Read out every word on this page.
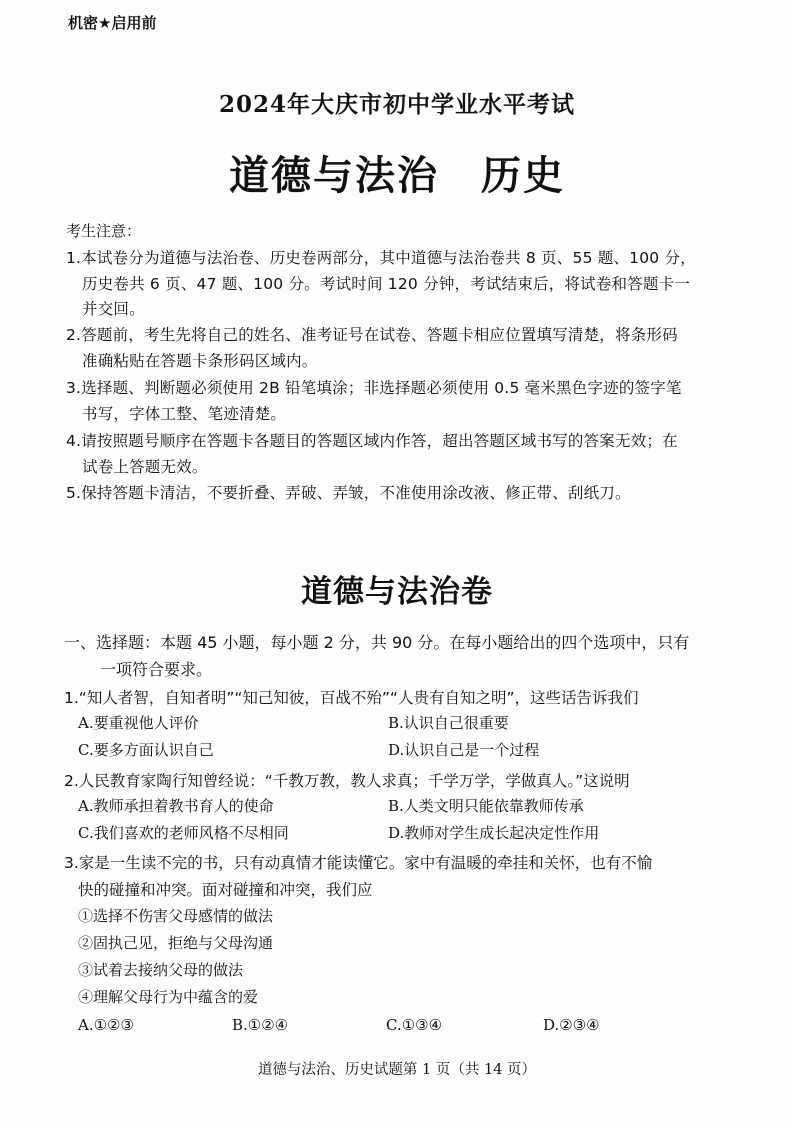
机密★启用前
2024年大庆市初中学业水平考试
道德与法治　历史
考生注意：
1.本试卷分为道德与法治卷、历史卷两部分，其中道德与法治卷共 8 页、55 题、100 分，
历史卷共 6 页、47 题、100 分。考试时间 120 分钟，考试结束后，将试卷和答题卡一
并交回。
2.答题前，考生先将自己的姓名、准考证号在试卷、答题卡相应位置填写清楚，将条形码
准确粘贴在答题卡条形码区域内。
3.选择题、判断题必须使用 2B 铅笔填涂；非选择题必须使用 0.5 毫米黑色字迹的签字笔
书写，字体工整、笔迹清楚。
4.请按照题号顺序在答题卡各题目的答题区域内作答，超出答题区域书写的答案无效；在
试卷上答题无效。
5.保持答题卡清洁，不要折叠、弄破、弄皱，不准使用涂改液、修正带、刮纸刀。
道德与法治卷
一、选择题：本题 45 小题，每小题 2 分，共 90 分。在每小题给出的四个选项中，只有
一项符合要求。
1.“知人者智，自知者明”“知己知彼，百战不殆”“人贵有自知之明”，这些话告诉我们
A.要重视他人评价	B.认识自己很重要
C.要多方面认识自己	D.认识自己是一个过程
2.人民教育家陶行知曾经说：“千教万教，教人求真；千学万学，学做真人。”这说明
A.教师承担着教书育人的使命	B.人类文明只能依靠教师传承
C.我们喜欢的老师风格不尽相同	D.教师对学生成长起决定性作用
3.家是一生读不完的书，只有动真情才能读懂它。家中有温暖的牵挂和关怀，也有不愉
快的碰撞和冲突。面对碰撞和冲突，我们应
①选择不伤害父母感情的做法
②固执己见，拒绝与父母沟通
③试着去接纳父母的做法
④理解父母行为中蕴含的爱
A.①②③	B.①②④	C.①③④	D.②③④
道德与法治、历史试题第 1 页（共 14 页）
